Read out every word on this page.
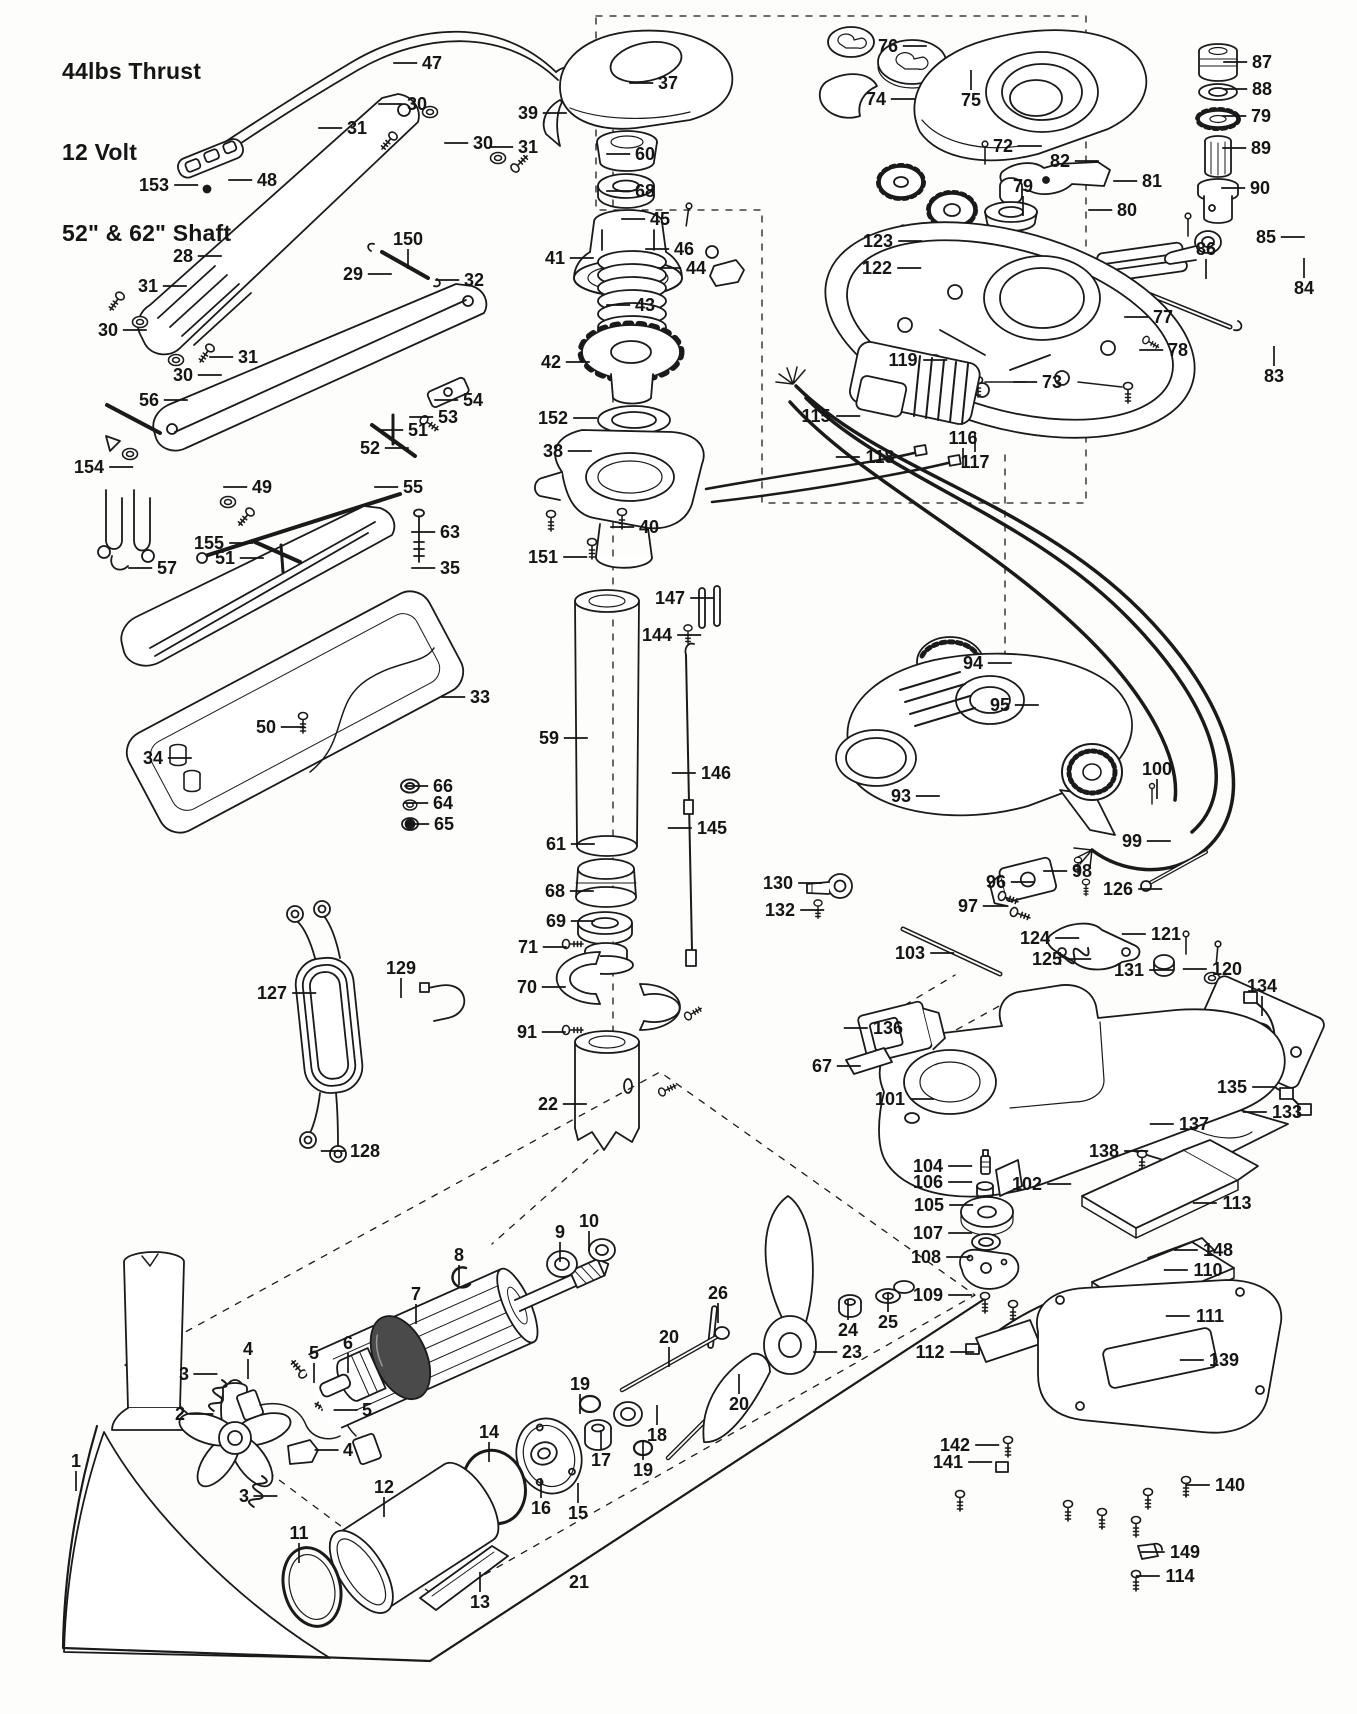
47
30
31
30 31
48
153
28
150
29	32
31
30
31
30
56
154
49
54
53
51
52
55
63
155
51
57	35
33
50
34
66
64
65
127
129
128
37
39
60
68
45
41	46
44
43
42
152
38
40
151
147
144
59
146
145
61
68
69
71
70
91
22
76
74	75
72
87
88
79
89
90
82
81
80
79
85
86
84
123
122
77
78
73
119
83
115
118
116
117
94
95
93
100
99
98
96
97
126
124
125
121
131	120
130
132
103
136
67
101
134
135
133
137
138
104
106
105
107
108
109
102
113
148
110
111
112	139
142
141
140
149
114
1
2
3
4	5 6
5
4
3
7
8
9
10
26
20
19
18
17 19
20
16 15
14
12
11
13
21
23
24 25

44lbs Thrust

12 Volt

52" & 62" Shaft
